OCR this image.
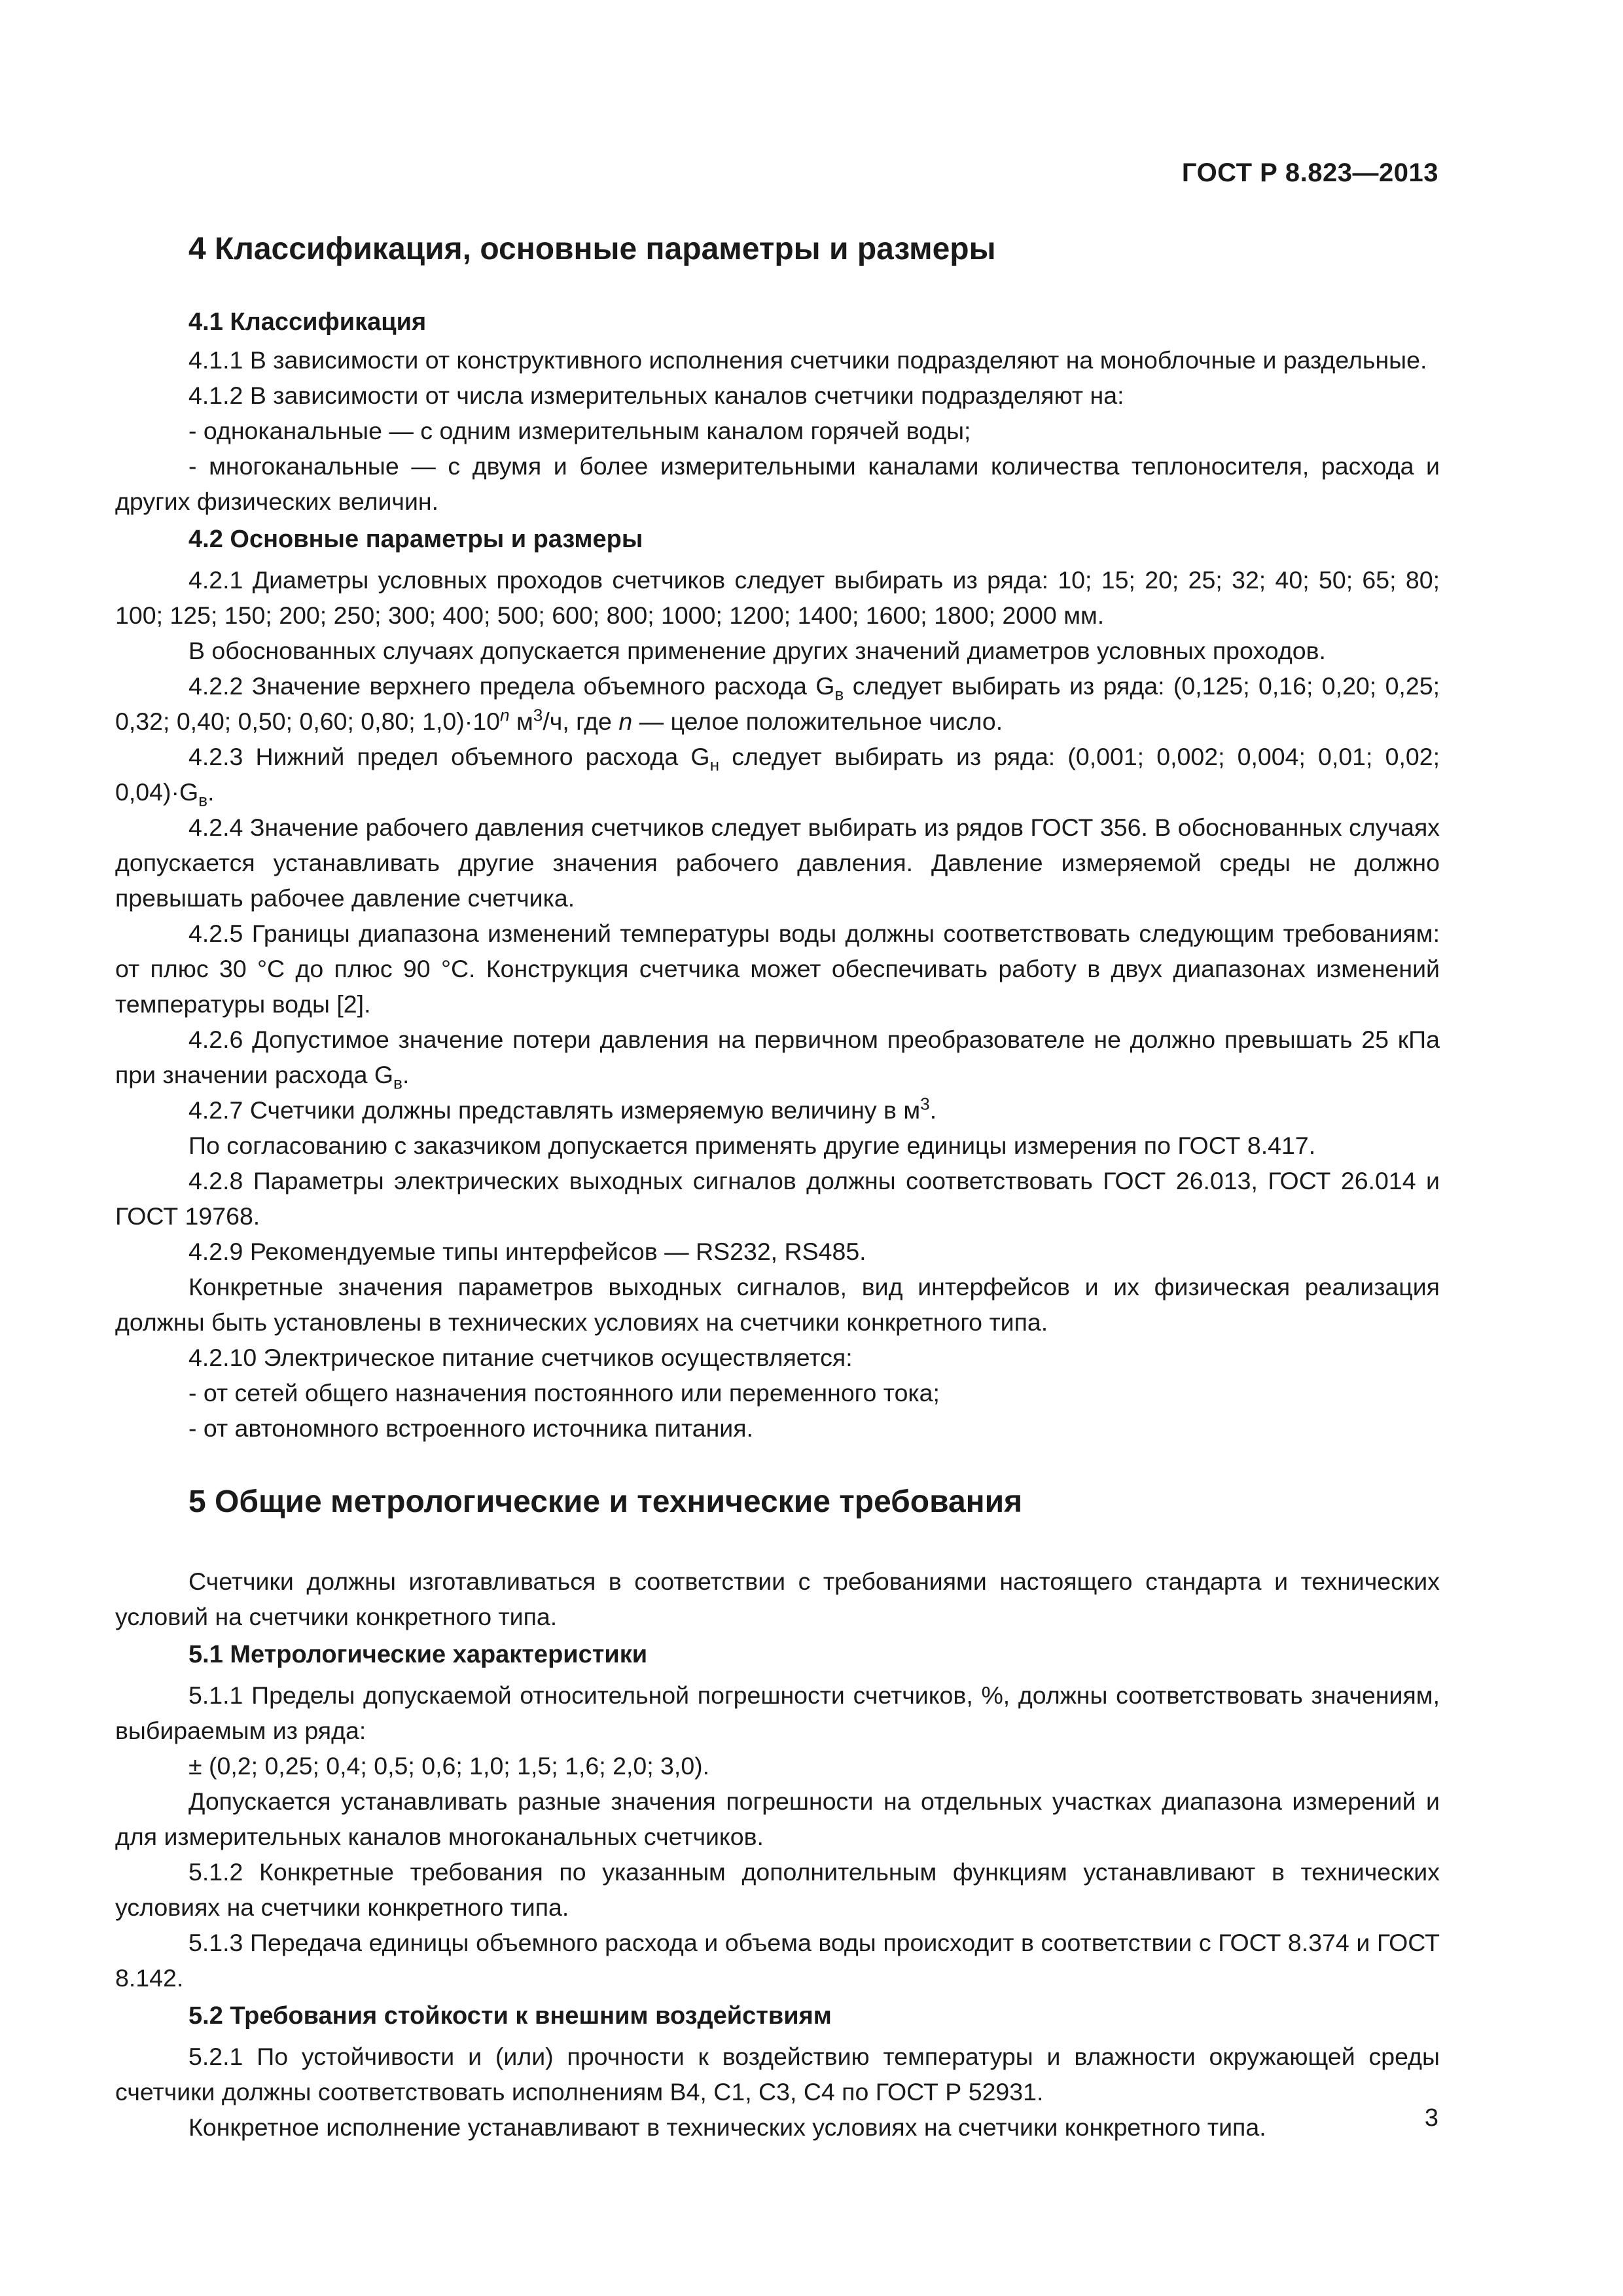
ГОСТ Р 8.823—2013
4 Классификация, основные параметры и размеры
4.1 Классификация

4.1.1 В зависимости от конструктивного исполнения счетчики подразделяют на моноблочные и раздельные.

4.1.2 В зависимости от числа измерительных каналов счетчики подразделяют на:

- одноканальные — с одним измерительным каналом горячей воды;

- многоканальные — с двумя и более измерительными каналами количества теплоносителя, расхода и других физических величин.

4.2 Основные параметры и размеры

4.2.1 Диаметры условных проходов счетчиков следует выбирать из ряда: 10; 15; 20; 25; 32; 40; 50; 65; 80; 100; 125; 150; 200; 250; 300; 400; 500; 600; 800; 1000; 1200; 1400; 1600; 1800; 2000 мм.

В обоснованных случаях допускается применение других значений диаметров условных проходов.

4.2.2 Значение верхнего предела объемного расхода $G_в$ следует выбирать из ряда: (0,125; 0,16; 0,20; 0,25; 0,32; 0,40; 0,50; 0,60; 0,80; $1,0)\cdot 10^n$ $м^3/ч$, где n — целое положительное число.

4.2.3 Нижний предел объемного расхода $G_н$ следует выбирать из ряда: (0,001; 0,002; 0,004; 0,01; 0,02; $0,04)\cdot G_в$.

4.2.4 Значение рабочего давления счетчиков следует выбирать из рядов ГОСТ 356. В обоснованных случаях допускается устанавливать другие значения рабочего давления. Давление измеряемой среды не должно превышать рабочее давление счетчика.

4.2.5 Границы диапазона изменений температуры воды должны соответствовать следующим требованиям: от плюс 30 °С до плюс 90 °С. Конструкция счетчика может обеспечивать работу в двух диапазонах изменений температуры воды [2].

4.2.6 Допустимое значение потери давления на первичном преобразователе не должно превышать 25 кПа при значении расхода $G_в$.

4.2.7 Счетчики должны представлять измеряемую величину в $м^3$.

По согласованию с заказчиком допускается применять другие единицы измерения по ГОСТ 8.417.

4.2.8 Параметры электрических выходных сигналов должны соответствовать ГОСТ 26.013, ГОСТ 26.014 и ГОСТ 19768.

4.2.9 Рекомендуемые типы интерфейсов — RS232, RS485.

Конкретные значения параметров выходных сигналов, вид интерфейсов и их физическая реализация должны быть установлены в технических условиях на счетчики конкретного типа.

4.2.10 Электрическое питание счетчиков осуществляется:

- от сетей общего назначения постоянного или переменного тока;

- от автономного встроенного источника питания.

5 Общие метрологические и технические требования

Счетчики должны изготавливаться в соответствии с требованиями настоящего стандарта и технических условий на счетчики конкретного типа.

5.1 Метрологические характеристики

5.1.1 Пределы допускаемой относительной погрешности счетчиков, %, должны соответствовать значениям, выбираемым из ряда:

± (0,2; 0,25; 0,4; 0,5; 0,6; 1,0; 1,5; 1,6; 2,0; 3,0).

Допускается устанавливать разные значения погрешности на отдельных участках диапазона измерений и для измерительных каналов многоканальных счетчиков.

5.1.2 Конкретные требования по указанным дополнительным функциям устанавливают в технических условиях на счетчики конкретного типа.

5.1.3 Передача единицы объемного расхода и объема воды происходит в соответствии с ГОСТ 8.374 и ГОСТ 8.142.

5.2 Требования стойкости к внешним воздействиям

5.2.1 По устойчивости и (или) прочности к воздействию температуры и влажности окружающей среды счетчики должны соответствовать исполнениям В4, С1, С3, С4 по ГОСТ Р 52931.

Конкретное исполнение устанавливают в технических условиях на счетчики конкретного типа.	3
